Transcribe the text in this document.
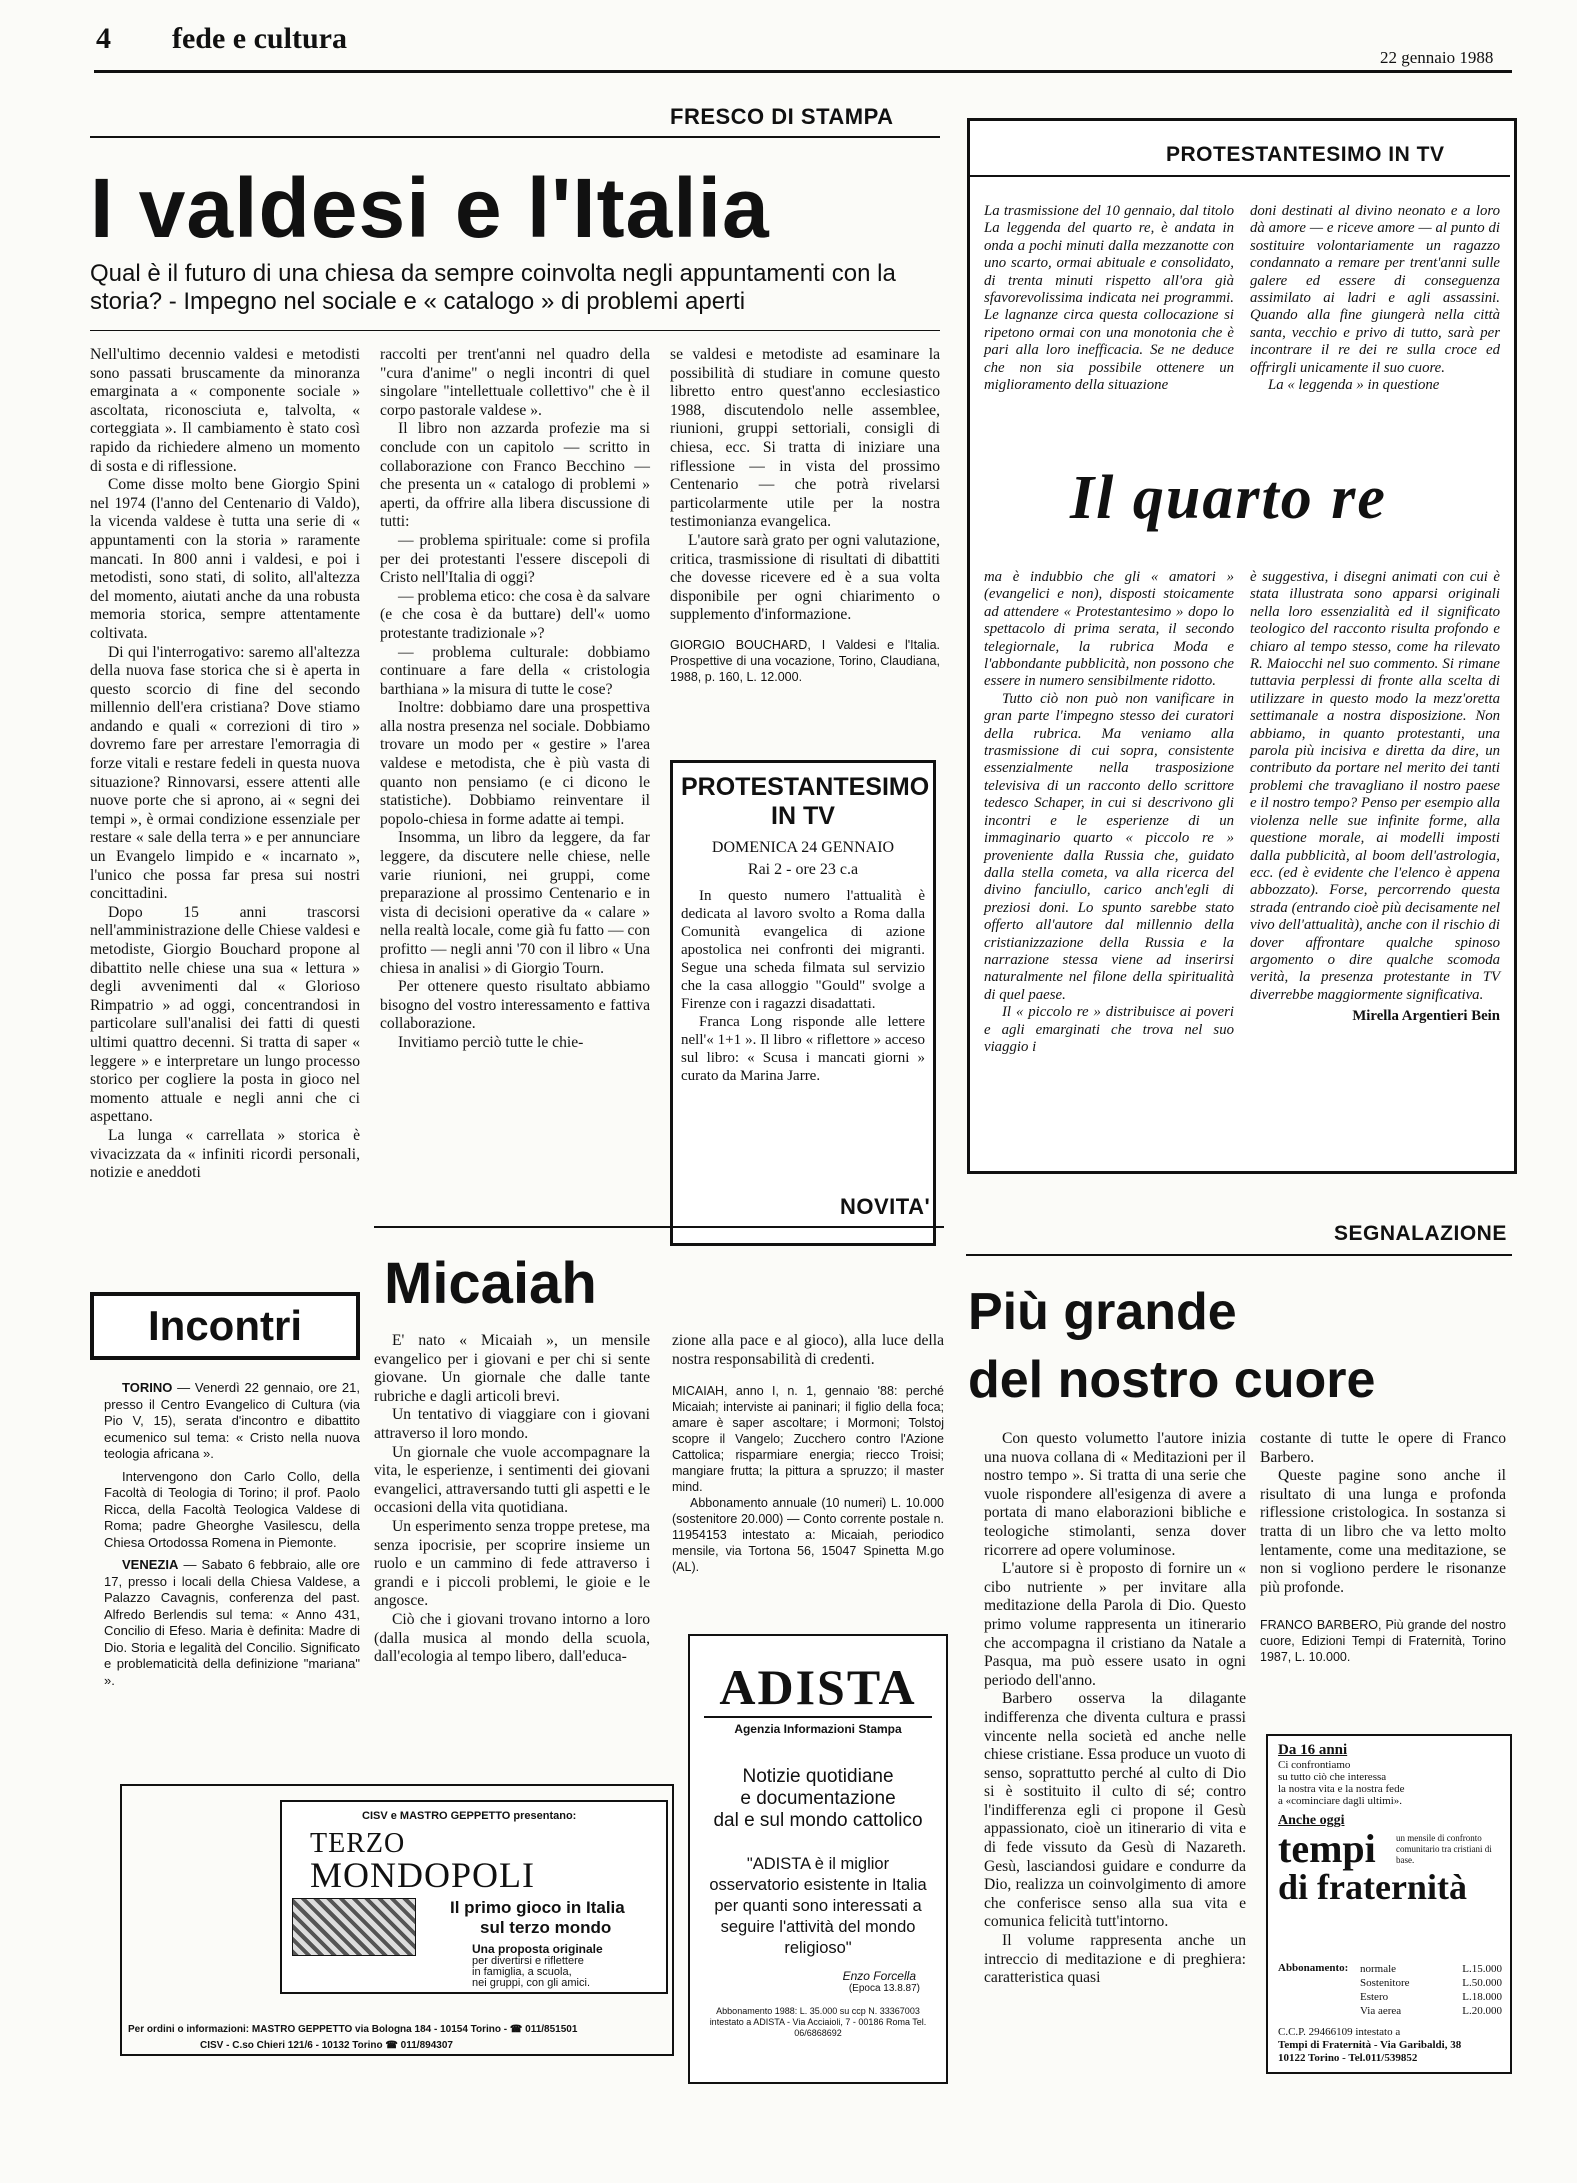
4 fede e cultura
22 gennaio 1988
FRESCO DI STAMPA
I valdesi e l'Italia
Qual è il futuro di una chiesa da sempre coinvolta negli appuntamenti con la storia? - Impegno nel sociale e « catalogo » di problemi aperti

Nell'ultimo decennio valdesi e metodisti sono passati bruscamente da minoranza emarginata a « componente sociale » ascoltata, riconosciuta e, talvolta, « corteggiata ». Il cambiamento è stato così rapido da richiedere almeno un momento di sosta e di riflessione.

Come disse molto bene Giorgio Spini nel 1974 (l'anno del Centenario di Valdo), la vicenda valdese è tutta una serie di « appuntamenti con la storia » raramente mancati. In 800 anni i valdesi, e poi i metodisti, sono stati, di solito, all'altezza del momento, aiutati anche da una robusta memoria storica, sempre attentamente coltivata.

Di qui l'interrogativo: saremo all'altezza della nuova fase storica che si è aperta in questo scorcio di fine del secondo millennio dell'era cristiana? Dove stiamo andando e quali « correzioni di tiro » dovremo fare per arrestare l'emorragia di forze vitali e restare fedeli in questa nuova situazione? Rinnovarsi, essere attenti alle nuove porte che si aprono, ai « segni dei tempi », è ormai condizione essenziale per restare « sale della terra » e per annunciare un Evangelo limpido e « incarnato », l'unico che possa far presa sui nostri concittadini.

Dopo 15 anni trascorsi nell'amministrazione delle Chiese valdesi e metodiste, Giorgio Bouchard propone al dibattito nelle chiese una sua « lettura » degli avvenimenti dal « Glorioso Rimpatrio » ad oggi, concentrandosi in particolare sull'analisi dei fatti di questi ultimi quattro decenni. Si tratta di saper « leggere » e interpretare un lungo processo storico per cogliere la posta in gioco nel momento attuale e negli anni che ci aspettano.

La lunga « carrellata » storica è vivacizzata da « infiniti ricordi personali, notizie e aneddoti

raccolti per trent'anni nel quadro della "cura d'anime" o negli incontri di quel singolare "intellettuale collettivo" che è il corpo pastorale valdese ».

Il libro non azzarda profezie ma si conclude con un capitolo — scritto in collaborazione con Franco Becchino — che presenta un « catalogo di problemi » aperti, da offrire alla libera discussione di tutti:

— problema spirituale: come si profila per dei protestanti l'essere discepoli di Cristo nell'Italia di oggi?

— problema etico: che cosa è da salvare (e che cosa è da buttare) dell'« uomo protestante tradizionale »?

— problema culturale: dobbiamo continuare a fare della « cristologia barthiana » la misura di tutte le cose?

Inoltre: dobbiamo dare una prospettiva alla nostra presenza nel sociale. Dobbiamo trovare un modo per « gestire » l'area valdese e metodista, che è più vasta di quanto non pensiamo (e ci dicono le statistiche). Dobbiamo reinventare il popolo-chiesa in forme adatte ai tempi.

Insomma, un libro da leggere, da far leggere, da discutere nelle chiese, nelle varie riunioni, nei gruppi, come preparazione al prossimo Centenario e in vista di decisioni operative da « calare » nella realtà locale, come già fu fatto — con profitto — negli anni '70 con il libro « Una chiesa in analisi » di Giorgio Tourn.

Per ottenere questo risultato abbiamo bisogno del vostro interessamento e fattiva collaborazione.

Invitiamo perciò tutte le chie-

se valdesi e metodiste ad esaminare la possibilità di studiare in comune questo libretto entro quest'anno ecclesiastico 1988, discutendolo nelle assemblee, riunioni, gruppi settoriali, consigli di chiesa, ecc. Si tratta di iniziare una riflessione — in vista del prossimo Centenario — che potrà rivelarsi particolarmente utile per la nostra testimonianza evangelica.

L'autore sarà grato per ogni valutazione, critica, trasmissione di risultati di dibattiti che dovesse ricevere ed è a sua volta disponibile per ogni chiarimento o supplemento d'informazione.

GIORGIO BOUCHARD, I Valdesi e l'Italia. Prospettive di una vocazione, Torino, Claudiana, 1988, p. 160, L. 12.000.

PROTESTANTESIMO
IN TV
DOMENICA 24 GENNAIO
Rai 2 - ore 23 c.a

In questo numero l'attualità è dedicata al lavoro svolto a Roma dalla Comunità evangelica di azione apostolica nei confronti dei migranti. Segue una scheda filmata sul servizio che la casa alloggio "Gould" svolge a Firenze con i ragazzi disadattati.

Franca Long risponde alle lettere nell'« 1+1 ». Il libro « riflettore » acceso sul libro: « Scusa i mancati giorni » curato da Marina Jarre.

PROTESTANTESIMO IN TV

La trasmissione del 10 gennaio, dal titolo La leggenda del quarto re, è andata in onda a pochi minuti dalla mezzanotte con uno scarto, ormai abituale e consolidato, di trenta minuti rispetto all'ora già sfavorevolissima indicata nei programmi. Le lagnanze circa questa collocazione si ripetono ormai con una monotonia che è pari alla loro inefficacia. Se ne deduce che non sia possibile ottenere un miglioramento della situazione

doni destinati al divino neonato e a loro dà amore — e riceve amore — al punto di sostituire volontariamente un ragazzo condannato a remare per trent'anni sulle galere ed essere di conseguenza assimilato ai ladri e agli assassini. Quando alla fine giungerà nella città santa, vecchio e privo di tutto, sarà per incontrare il re dei re sulla croce ed offrirgli unicamente il suo cuore.

La « leggenda » in questione

Il quarto re

ma è indubbio che gli « amatori » (evangelici e non), disposti stoicamente ad attendere « Protestantesimo » dopo lo spettacolo di prima serata, il secondo telegiornale, la rubrica Moda e l'abbondante pubblicità, non possono che essere in numero sensibilmente ridotto.

Tutto ciò non può non vanificare in gran parte l'impegno stesso dei curatori della rubrica. Ma veniamo alla trasmissione di cui sopra, consistente essenzialmente nella trasposizione televisiva di un racconto dello scrittore tedesco Schaper, in cui si descrivono gli incontri e le esperienze di un immaginario quarto « piccolo re » proveniente dalla Russia che, guidato dalla stella cometa, va alla ricerca del divino fanciullo, carico anch'egli di preziosi doni. Lo spunto sarebbe stato offerto all'autore dal millennio della cristianizzazione della Russia e la narrazione stessa viene ad inserirsi naturalmente nel filone della spiritualità di quel paese.

Il « piccolo re » distribuisce ai poveri e agli emarginati che trova nel suo viaggio i

è suggestiva, i disegni animati con cui è stata illustrata sono apparsi originali nella loro essenzialità ed il significato teologico del racconto risulta profondo e chiaro al tempo stesso, come ha rilevato R. Maiocchi nel suo commento. Si rimane tuttavia perplessi di fronte alla scelta di utilizzare in questo modo la mezz'oretta settimanale a nostra disposizione. Non abbiamo, in quanto protestanti, una parola più incisiva e diretta da dire, un contributo da portare nel merito dei tanti problemi che travagliano il nostro paese e il nostro tempo? Penso per esempio alla violenza nelle sue infinite forme, alla questione morale, ai modelli imposti dalla pubblicità, al boom dell'astrologia, ecc. (ed è evidente che l'elenco è appena abbozzato). Forse, percorrendo questa strada (entrando cioè più decisamente nel vivo dell'attualità), anche con il rischio di dover affrontare qualche spinoso argomento o dire qualche scomoda verità, la presenza protestante in TV diverrebbe maggiormente significativa.

Mirella Argentieri Bein

NOVITA'
Micaiah

E' nato « Micaiah », un mensile evangelico per i giovani e per chi si sente giovane. Un giornale che dalle tante rubriche e dagli articoli brevi.

Un tentativo di viaggiare con i giovani attraverso il loro mondo.

Un giornale che vuole accompagnare la vita, le esperienze, i sentimenti dei giovani evangelici, attraversando tutti gli aspetti e le occasioni della vita quotidiana.

Un esperimento senza troppe pretese, ma senza ipocrisie, per scoprire insieme un ruolo e un cammino di fede attraverso i grandi e i piccoli problemi, le gioie e le angosce.

Ciò che i giovani trovano intorno a loro (dalla musica al mondo della scuola, dall'ecologia al tempo libero, dall'educa-

zione alla pace e al gioco), alla luce della nostra responsabilità di credenti.

MICAIAH, anno I, n. 1, gennaio '88: perché Micaiah; interviste ai paninari; il figlio della foca; amare è saper ascoltare; i Mormoni; Tolstoj scopre il Vangelo; Zucchero contro l'Azione Cattolica; risparmiare energia; riecco Troisi; mangiare frutta; la pittura a spruzzo; il master mind.

Abbonamento annuale (10 numeri) L. 10.000 (sostenitore 20.000) — Conto corrente postale n. 11954153 intestato a: Micaiah, periodico mensile, via Tortona 56, 15047 Spinetta M.go (AL).

Incontri

TORINO — Venerdì 22 gennaio, ore 21, presso il Centro Evangelico di Cultura (via Pio V, 15), serata d'incontro e dibattito ecumenico sul tema: « Cristo nella nuova teologia africana ».

Intervengono don Carlo Collo, della Facoltà di Teologia di Torino; il prof. Paolo Ricca, della Facoltà Teologica Valdese di Roma; padre Gheorghe Vasilescu, della Chiesa Ortodossa Romena in Piemonte.

VENEZIA — Sabato 6 febbraio, alle ore 17, presso i locali della Chiesa Valdese, a Palazzo Cavagnis, conferenza del past. Alfredo Berlendis sul tema: « Anno 431, Concilio di Efeso. Maria è definita: Madre di Dio. Storia e legalità del Concilio. Significato e problematicità della definizione "mariana" ».

CISV e MASTRO GEPPETTO presentano:
TERZO
MONDOPOLI
Il primo gioco in Italia
sul terzo mondo
Una proposta originale
per divertirsi e riflettere
in famiglia, a scuola,
nei gruppi, con gli amici.
Per ordini o informazioni: MASTRO GEPPETTO via Bologna 184 - 10154 Torino - ☎ 011/851501
CISV - C.so Chieri 121/6 - 10132 Torino ☎ 011/894307
ADISTA
Agenzia Informazioni Stampa
Notizie quotidiane
e documentazione
dal e sul mondo cattolico
"ADISTA è il miglior osservatorio esistente in Italia per quanti sono interessati a seguire l'attività del mondo religioso"
Enzo Forcella
(Epoca 13.8.87)
Abbonamento 1988: L. 35.000 su ccp N. 33367003 intestato a ADISTA - Via Acciaioli, 7 - 00186 Roma Tel. 06/6868692
SEGNALAZIONE
Più grande
del nostro cuore

Con questo volumetto l'autore inizia una nuova collana di « Meditazioni per il nostro tempo ». Si tratta di una serie che vuole rispondere all'esigenza di avere a portata di mano elaborazioni bibliche e teologiche stimolanti, senza dover ricorrere ad opere voluminose.

L'autore si è proposto di fornire un « cibo nutriente » per invitare alla meditazione della Parola di Dio. Questo primo volume rappresenta un itinerario che accompagna il cristiano da Natale a Pasqua, ma può essere usato in ogni periodo dell'anno.

Barbero osserva la dilagante indifferenza che diventa cultura e prassi vincente nella società ed anche nelle chiese cristiane. Essa produce un vuoto di senso, soprattutto perché al culto di Dio si è sostituito il culto di sé; contro l'indifferenza egli ci propone il Gesù appassionato, cioè un itinerario di vita e di fede vissuto da Gesù di Nazareth. Gesù, lasciandosi guidare e condurre da Dio, realizza un coinvolgimento di amore che conferisce senso alla sua vita e comunica felicità tutt'intorno.

Il volume rappresenta anche un intreccio di meditazione e di preghiera: caratteristica quasi

costante di tutte le opere di Franco Barbero.

Queste pagine sono anche il risultato di una lunga e profonda riflessione cristologica. In sostanza si tratta di un libro che va letto molto lentamente, come una meditazione, se non si vogliono perdere le risonanze più profonde.

FRANCO BARBERO, Più grande del nostro cuore, Edizioni Tempi di Fraternità, Torino 1987, L. 10.000.

Da 16 anni
Ci confrontiamo
su tutto ciò che interessa
la nostra vita e la nostra fede
a «cominciare dagli ultimi».
Anche oggi
tempi
di fraternità
un mensile di confronto comunitario tra cristiani di base.
Abbonamento: normale	L.15.000
Sostenitore	L.50.000
Estero	L.18.000
Via aerea	L.20.000
C.C.P. 29466109 intestato a
Tempi di Fraternità - Via Garibaldi, 38
10122 Torino - Tel.011/539852
